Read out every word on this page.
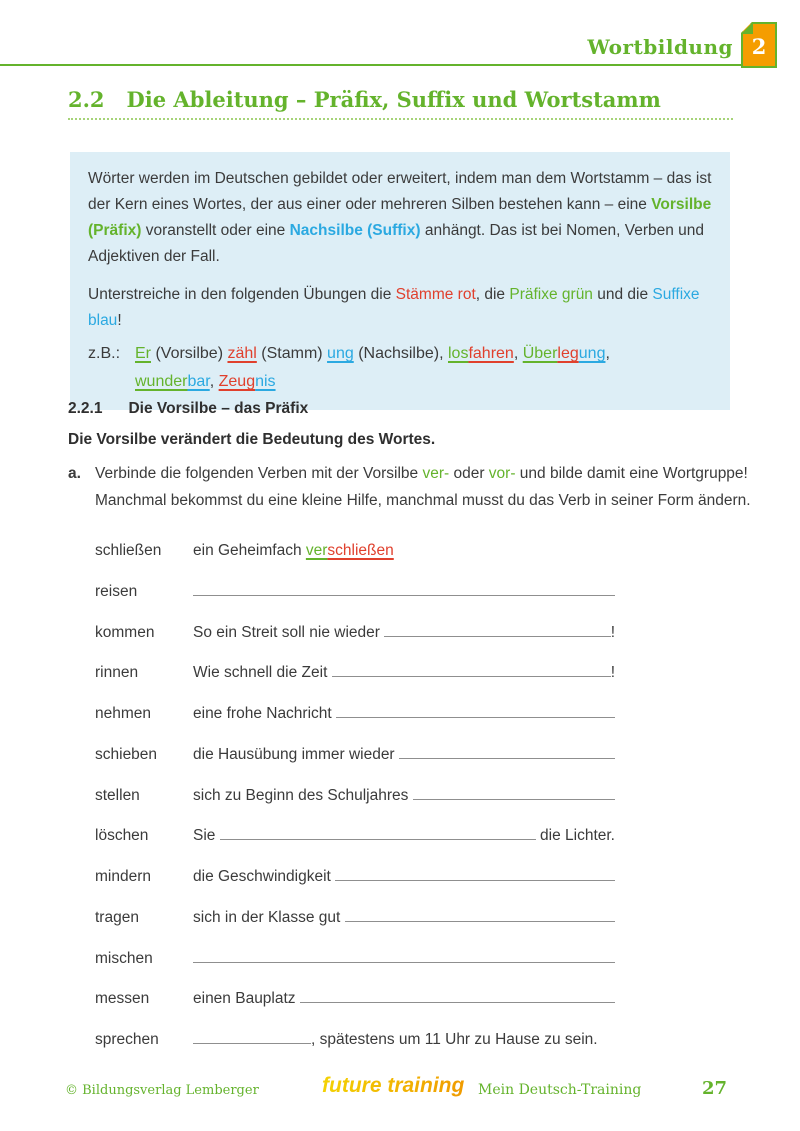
Wortbildung 2
2.2 Die Ableitung – Präfix, Suffix und Wortstamm

Wörter werden im Deutschen gebildet oder erweitert, indem man dem Wortstamm – das ist der Kern eines Wortes, der aus einer oder mehreren Silben bestehen kann – eine Vorsilbe (Präfix) voranstellt oder eine Nachsilbe (Suffix) anhängt. Das ist bei Nomen, Verben und Adjektiven der Fall.

Unterstreiche in den folgenden Übungen die Stämme rot, die Präfixe grün und die Suffixe blau!

z.B.: Er (Vorsilbe) zähl (Stamm) ung (Nachsilbe), losfahren, Überlegung,
wunderbar, Zeugnis
2.2.1 Die Vorsilbe – das Präfix
Die Vorsilbe verändert die Bedeutung des Wortes.
a. Verbinde die folgenden Verben mit der Vorsilbe ver- oder vor- und bilde damit eine Wortgruppe! Manchmal bekommst du eine kleine Hilfe, manchmal musst du das Verb in seiner Form ändern.
schließen	ein Geheimfach ver schließen
reisen
kommen	So ein Streit soll nie wieder	!
rinnen	Wie schnell die Zeit	!
nehmen	eine frohe Nachricht
schieben	die Hausübung immer wieder
stellen	sich zu Beginn des Schuljahres
löschen	Sie	die Lichter.
mindern	die Geschwindigkeit
tragen	sich in der Klasse gut
mischen
messen	einen Bauplatz
sprechen	, spätestens um 11 Uhr zu Hause zu sein.
© Bildungsverlag Lemberger	future training Mein Deutsch-Training	27
